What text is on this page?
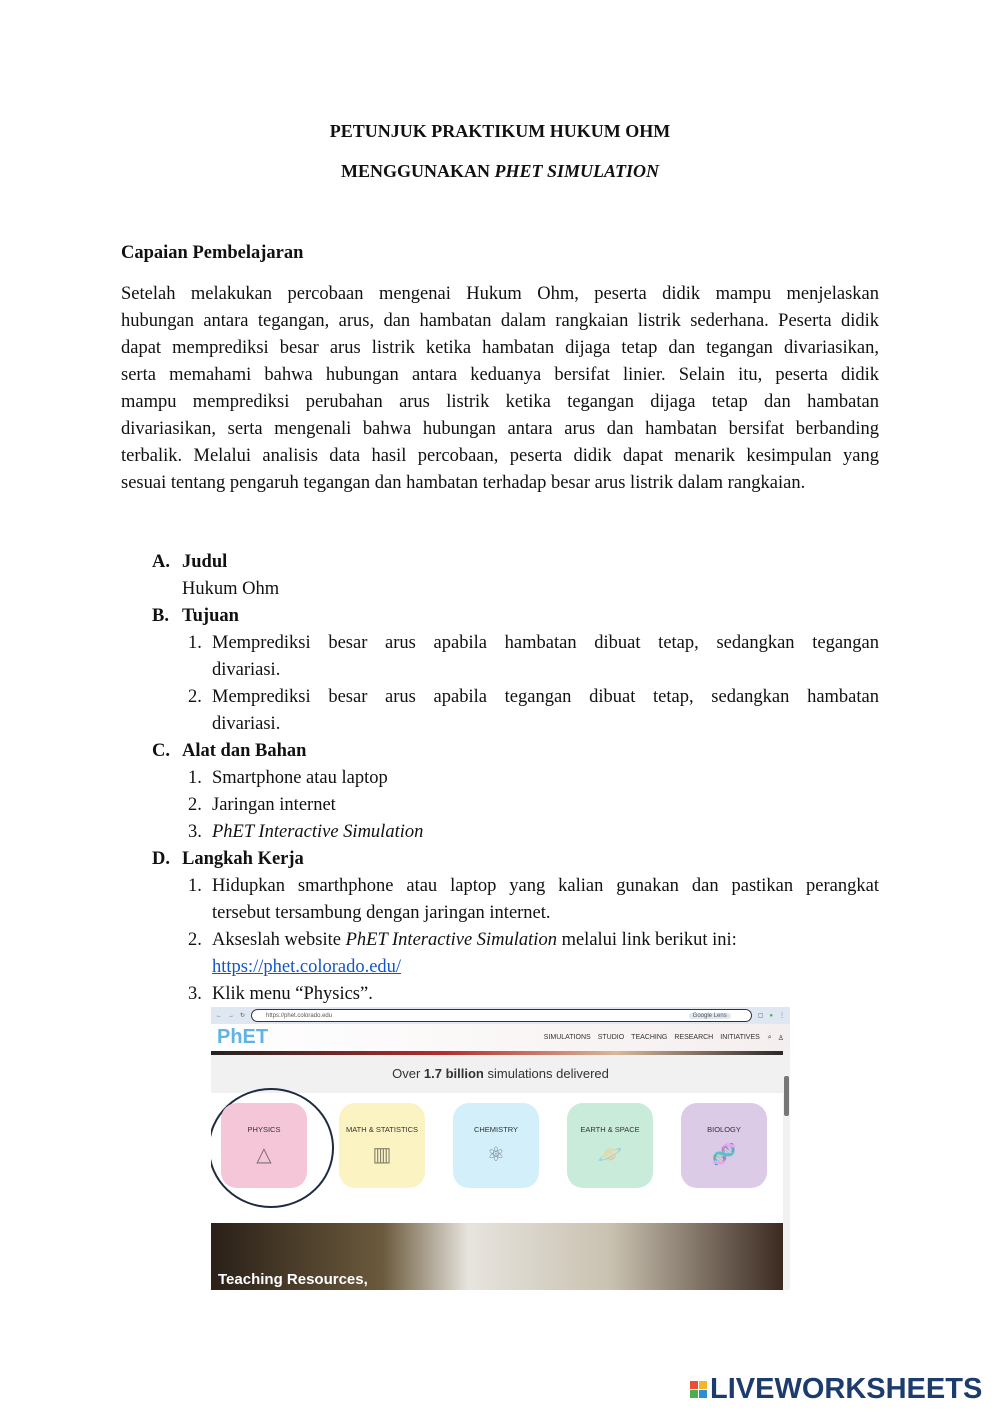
PETUNJUK PRAKTIKUM HUKUM OHM
MENGGUNAKAN PHET SIMULATION
Capaian Pembelajaran
Setelah melakukan percobaan mengenai Hukum Ohm, peserta didik mampu menjelaskan
hubungan antara tegangan, arus, dan hambatan dalam rangkaian listrik sederhana. Peserta didik
dapat memprediksi besar arus listrik ketika hambatan dijaga tetap dan tegangan divariasikan,
serta memahami bahwa hubungan antara keduanya bersifat linier. Selain itu, peserta didik
mampu memprediksi perubahan arus listrik ketika tegangan dijaga tetap dan hambatan
divariasikan, serta mengenali bahwa hubungan antara arus dan hambatan bersifat berbanding
terbalik. Melalui analisis data hasil percobaan, peserta didik dapat menarik kesimpulan yang
sesuai tentang pengaruh tegangan dan hambatan terhadap besar arus listrik dalam rangkaian.
A. Judul
Hukum Ohm
B. Tujuan
1. Memprediksi besar arus apabila hambatan dibuat tetap, sedangkan tegangan
divariasi.
2. Memprediksi besar arus apabila tegangan dibuat tetap, sedangkan hambatan
divariasi.
C. Alat dan Bahan
1. Smartphone atau laptop
2. Jaringan internet
3. PhET Interactive Simulation
D. Langkah Kerja
1. Hidupkan smarthphone atau laptop yang kalian gunakan dan pastikan perangkat
tersebut tersambung dengan jaringan internet.
2. Akseslah website PhET Interactive Simulation melalui link berikut ini:
https://phet.colorado.edu/
3. Klik menu “Physics”.
← → ↻	https://phet.colorado.edu	Google Lens	▢ ● ⋮
PhET	SIMULATIONS STUDIO TEACHING RESEARCH INITIATIVES ⌕ ♙
Over 1.7 billion simulations delivered
PHYSICS
△
MATH & STATISTICS
▥
CHEMISTRY
⚛
EARTH & SPACE
🪐
BIOLOGY
🧬
Teaching Resources,
LIVEWORKSHEETS
